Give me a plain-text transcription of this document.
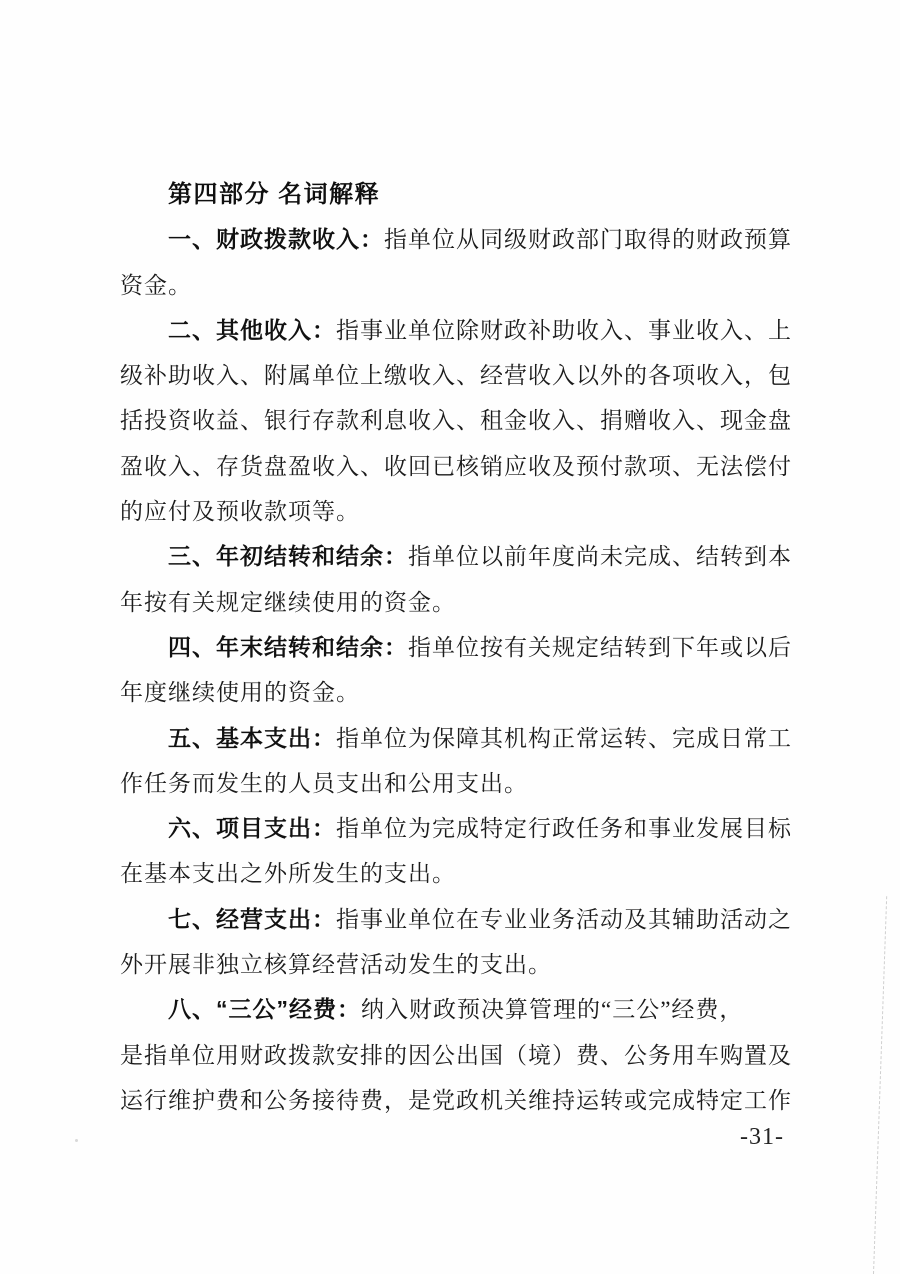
第四部分 名词解释
一、财政拨款收入：指单位从同级财政部门取得的财政预算
资金。
二、其他收入：指事业单位除财政补助收入、事业收入、上
级补助收入、附属单位上缴收入、经营收入以外的各项收入，包
括投资收益、银行存款利息收入、租金收入、捐赠收入、现金盘
盈收入、存货盘盈收入、收回已核销应收及预付款项、无法偿付
的应付及预收款项等。
三、年初结转和结余：指单位以前年度尚未完成、结转到本
年按有关规定继续使用的资金。
四、年末结转和结余：指单位按有关规定结转到下年或以后
年度继续使用的资金。
五、基本支出：指单位为保障其机构正常运转、完成日常工
作任务而发生的人员支出和公用支出。
六、项目支出：指单位为完成特定行政任务和事业发展目标
在基本支出之外所发生的支出。
七、经营支出：指事业单位在专业业务活动及其辅助活动之
外开展非独立核算经营活动发生的支出。
八、“三公”经费：纳入财政预决算管理的“三公”经费，
是指单位用财政拨款安排的因公出国（境）费、公务用车购置及
运行维护费和公务接待费，是党政机关维持运转或完成特定工作
-31-
